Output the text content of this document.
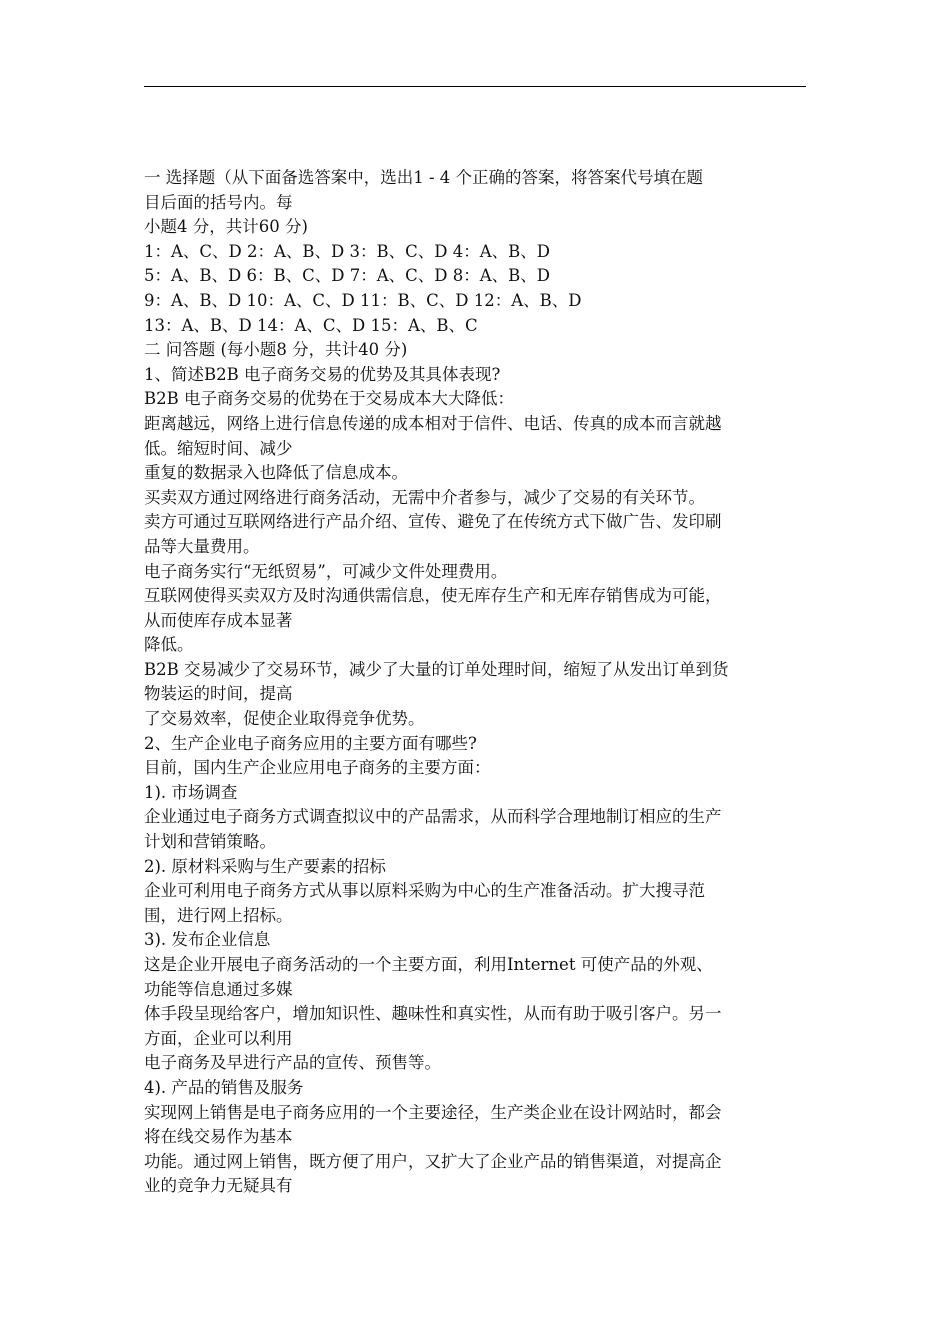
一 选择题（从下面备选答案中，选出1 - 4 个正确的答案，将答案代号填在题
目后面的括号内。每
小题4 分，共计60 分)
1：A、C、D 2：A、B、D 3：B、C、D 4：A、B、D
5：A、B、D 6：B、C、D 7：A、C、D 8：A、B、D
9：A、B、D 10：A、C、D 11：B、C、D 12：A、B、D
13：A、B、D 14：A、C、D 15：A、B、C
二 问答题 (每小题8 分，共计40 分)
1、简述B2B 电子商务交易的优势及其具体表现?
B2B 电子商务交易的优势在于交易成本大大降低：
距离越远，网络上进行信息传递的成本相对于信件、电话、传真的成本而言就越
低。缩短时间、减少
重复的数据录入也降低了信息成本。
买卖双方通过网络进行商务活动，无需中介者参与，减少了交易的有关环节。
卖方可通过互联网络进行产品介绍、宣传、避免了在传统方式下做广告、发印刷
品等大量费用。
电子商务实行“无纸贸易”，可减少文件处理费用。
互联网使得买卖双方及时沟通供需信息，使无库存生产和无库存销售成为可能，
从而使库存成本显著
降低。
B2B 交易减少了交易环节，减少了大量的订单处理时间，缩短了从发出订单到货
物装运的时间，提高
了交易效率，促使企业取得竞争优势。
2、生产企业电子商务应用的主要方面有哪些?
目前，国内生产企业应用电子商务的主要方面：
1). 市场调查
企业通过电子商务方式调查拟议中的产品需求，从而科学合理地制订相应的生产
计划和营销策略。
2). 原材料采购与生产要素的招标
企业可利用电子商务方式从事以原料采购为中心的生产准备活动。扩大搜寻范
围，进行网上招标。
3). 发布企业信息
这是企业开展电子商务活动的一个主要方面，利用Internet 可使产品的外观、
功能等信息通过多媒
体手段呈现给客户，增加知识性、趣味性和真实性，从而有助于吸引客户。另一
方面，企业可以利用
电子商务及早进行产品的宣传、预售等。
4). 产品的销售及服务
实现网上销售是电子商务应用的一个主要途径，生产类企业在设计网站时，都会
将在线交易作为基本
功能。通过网上销售，既方便了用户，又扩大了企业产品的销售渠道，对提高企
业的竞争力无疑具有
